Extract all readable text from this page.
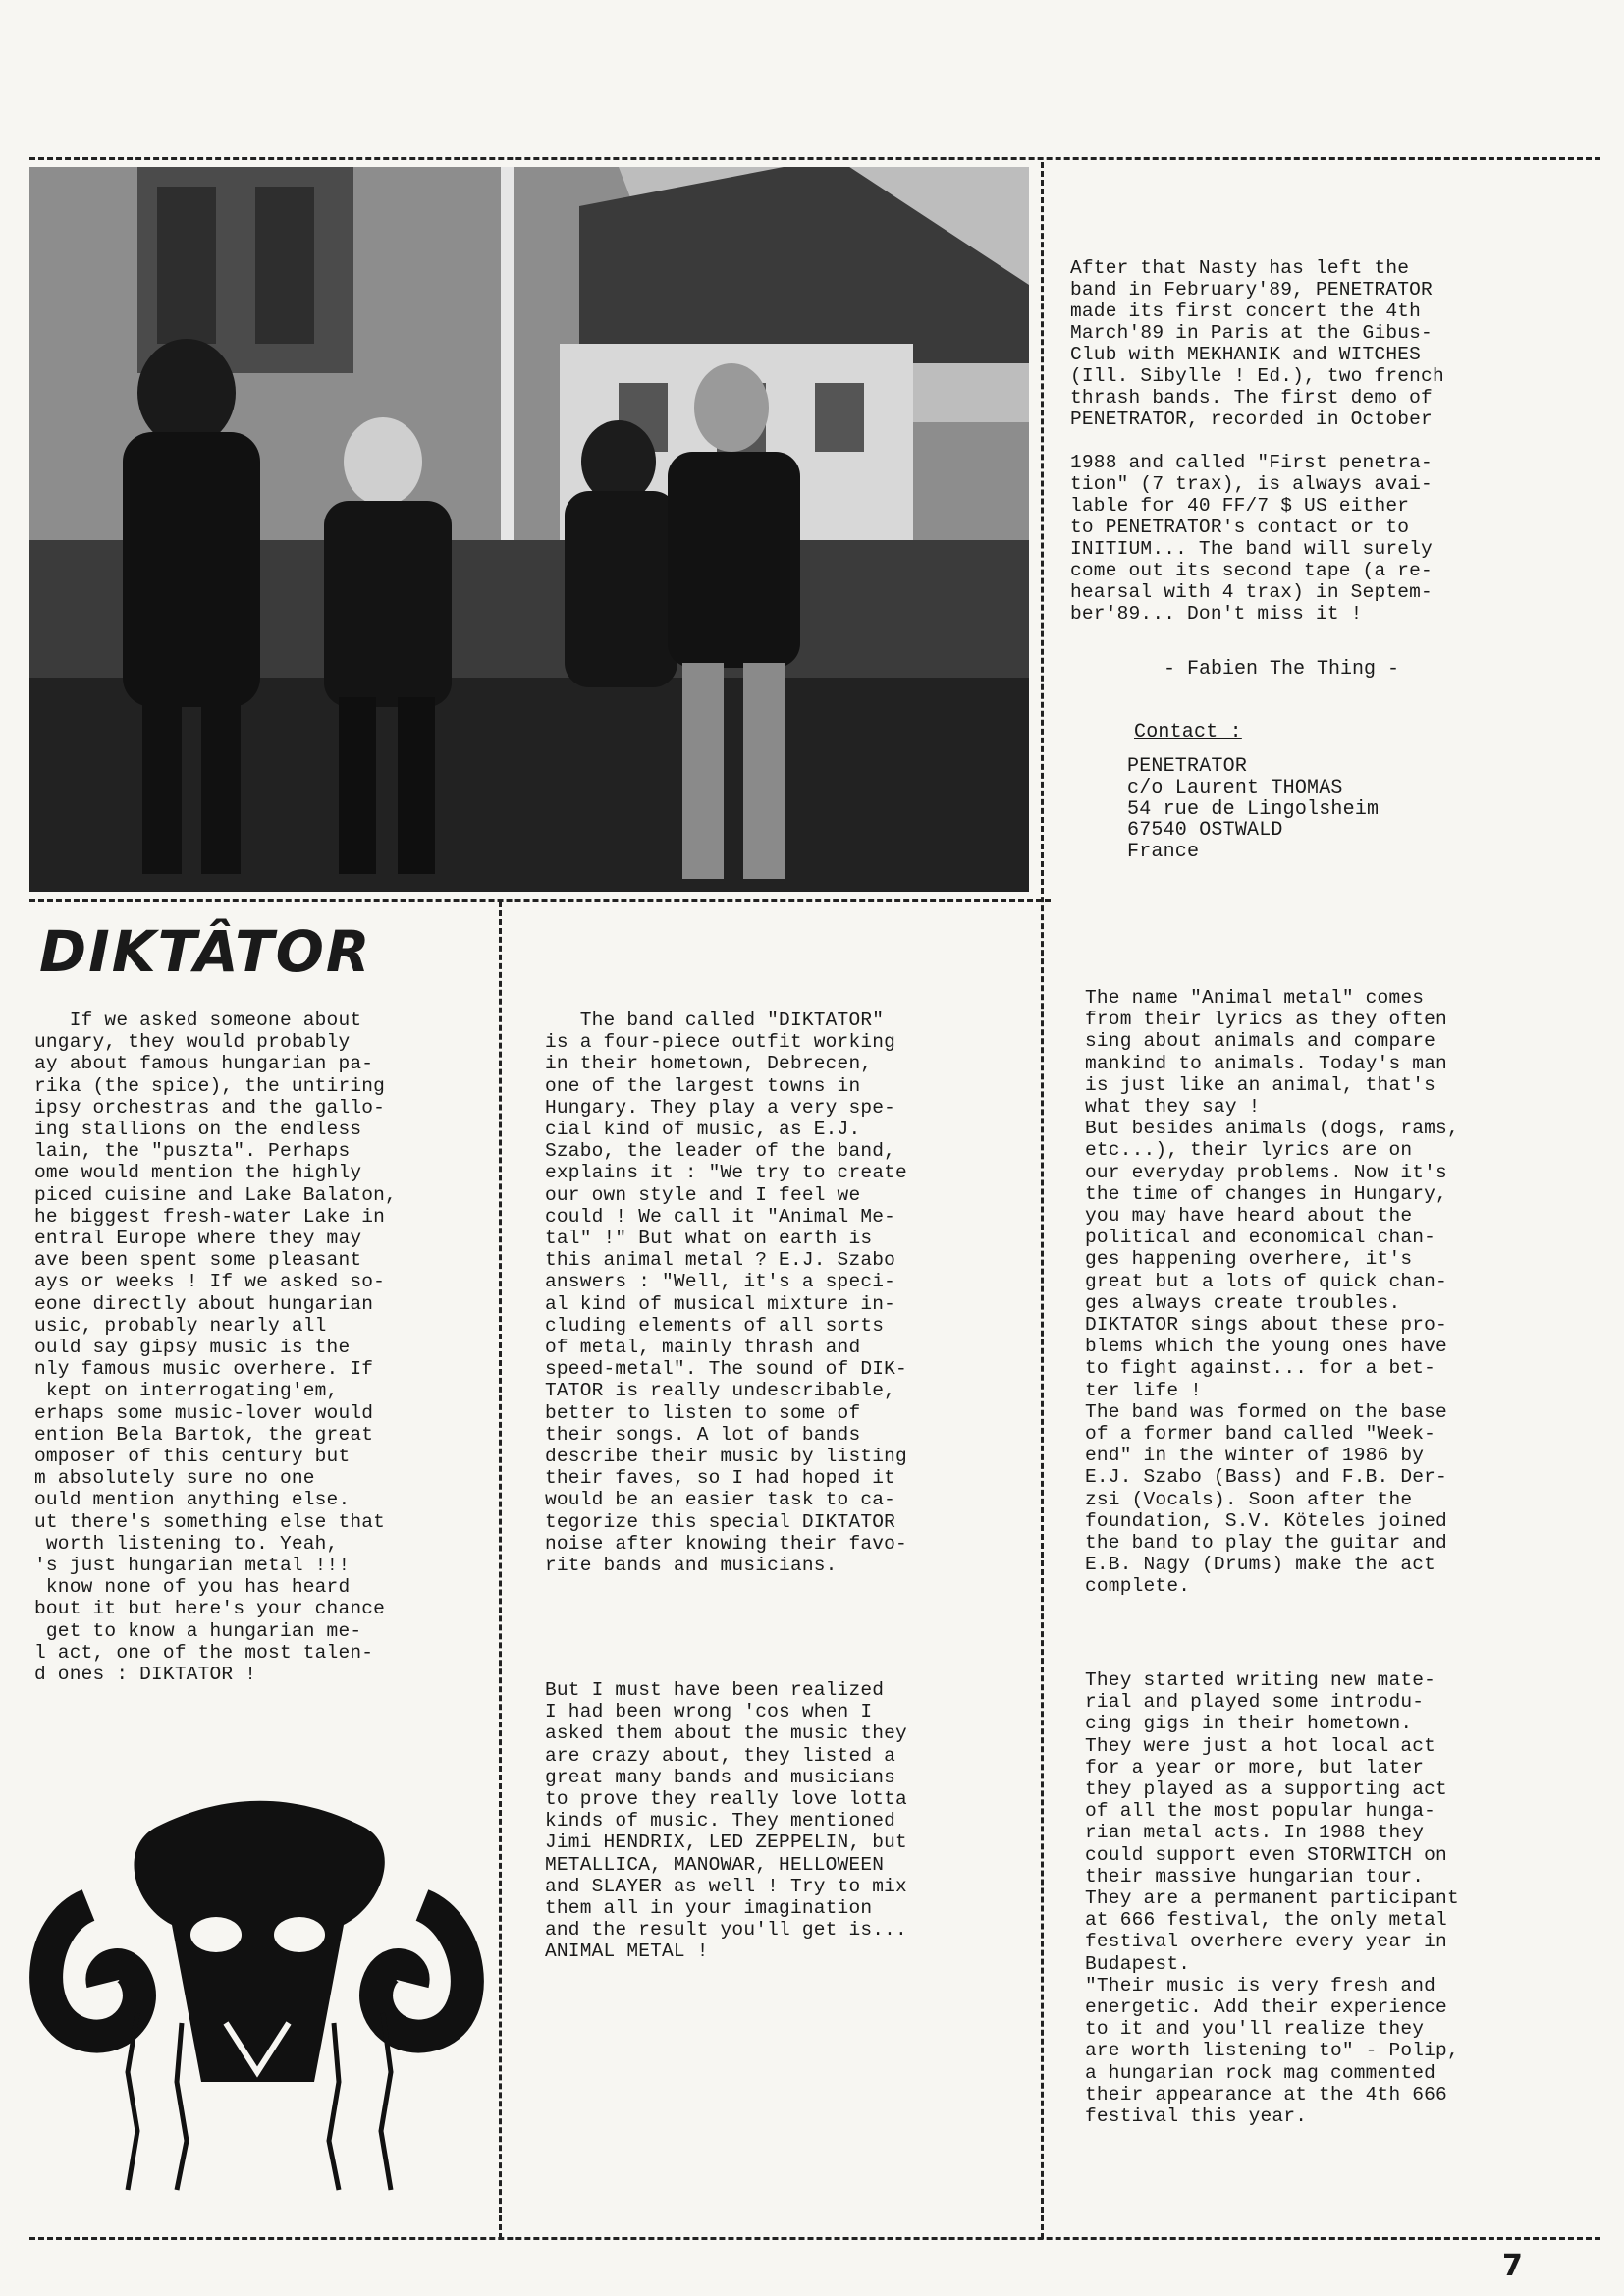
After that Nasty has left the
band in February'89, PENETRATOR
made its first concert the 4th
March'89 in Paris at the Gibus-
Club with MEKHANIK and WITCHES
(Ill. Sibylle ! Ed.), two french
thrash bands. The first demo of
PENETRATOR, recorded in October

1988 and called "First penetra-
tion" (7 trax), is always avai-
lable for 40 FF/7 $ US either
to PENETRATOR's contact or to
INITIUM... The band will surely
come out its second tape (a re-
hearsal with 4 trax) in Septem-
ber'89... Don't miss it !
- Fabien The Thing -
Contact :
PENETRATOR
c/o Laurent THOMAS
54 rue de Lingolsheim
67540 OSTWALD
France
DIKTÂTOR
If we asked someone about
ungary, they would probably
ay about famous hungarian pa-
rika (the spice), the untiring
ipsy orchestras and the gallo-
ing stallions on the endless
lain, the "puszta". Perhaps
ome would mention the highly
piced cuisine and Lake Balaton,
he biggest fresh-water Lake in
entral Europe where they may
ave been spent some pleasant
ays or weeks ! If we asked so-
eone directly about hungarian
usic, probably nearly all
ould say gipsy music is the
nly famous music overhere. If
kept on interrogating'em,
erhaps some music-lover would
ention Bela Bartok, the great
omposer of this century but
m absolutely sure no one
ould mention anything else.
ut there's something else that
worth listening to. Yeah,
's just hungarian metal !!!
know none of you has heard
bout it but here's your chance
get to know a hungarian me-
l act, one of the most talen-
d ones : DIKTATOR !
The band called "DIKTATOR"
is a four-piece outfit working
in their hometown, Debrecen,
one of the largest towns in
Hungary. They play a very spe-
cial kind of music, as E.J.
Szabo, the leader of the band,
explains it : "We try to create
our own style and I feel we
could ! We call it "Animal Me-
tal" !" But what on earth is
this animal metal ? E.J. Szabo
answers : "Well, it's a speci-
al kind of musical mixture in-
cluding elements of all sorts
of metal, mainly thrash and
speed-metal". The sound of DIK-
TATOR is really undescribable,
better to listen to some of
their songs. A lot of bands
describe their music by listing
their faves, so I had hoped it
would be an easier task to ca-
tegorize this special DIKTATOR
noise after knowing their favo-
rite bands and musicians.
But I must have been realized
I had been wrong 'cos when I
asked them about the music they
are crazy about, they listed a
great many bands and musicians
to prove they really love lotta
kinds of music. They mentioned
Jimi HENDRIX, LED ZEPPELIN, but
METALLICA, MANOWAR, HELLOWEEN
and SLAYER as well ! Try to mix
them all in your imagination
and the result you'll get is...
ANIMAL METAL !
The name "Animal metal" comes
from their lyrics as they often
sing about animals and compare
mankind to animals. Today's man
is just like an animal, that's
what they say !
But besides animals (dogs, rams,
etc...), their lyrics are on
our everyday problems. Now it's
the time of changes in Hungary,
you may have heard about the
political and economical chan-
ges happening overhere, it's
great but a lots of quick chan-
ges always create troubles.
DIKTATOR sings about these pro-
blems which the young ones have
to fight against... for a bet-
ter life !
The band was formed on the base
of a former band called "Week-
end" in the winter of 1986 by
E.J. Szabo (Bass) and F.B. Der-
zsi (Vocals). Soon after the
foundation, S.V. Köteles joined
the band to play the guitar and
E.B. Nagy (Drums) make the act
complete.
They started writing new mate-
rial and played some introdu-
cing gigs in their hometown.
They were just a hot local act
for a year or more, but later
they played as a supporting act
of all the most popular hunga-
rian metal acts. In 1988 they
could support even STORWITCH on
their massive hungarian tour.
They are a permanent participant
at 666 festival, the only metal
festival overhere every year in
Budapest.
"Their music is very fresh and
energetic. Add their experience
to it and you'll realize they
are worth listening to" - Polip,
a hungarian rock mag commented
their appearance at the 4th 666
festival this year.
7
